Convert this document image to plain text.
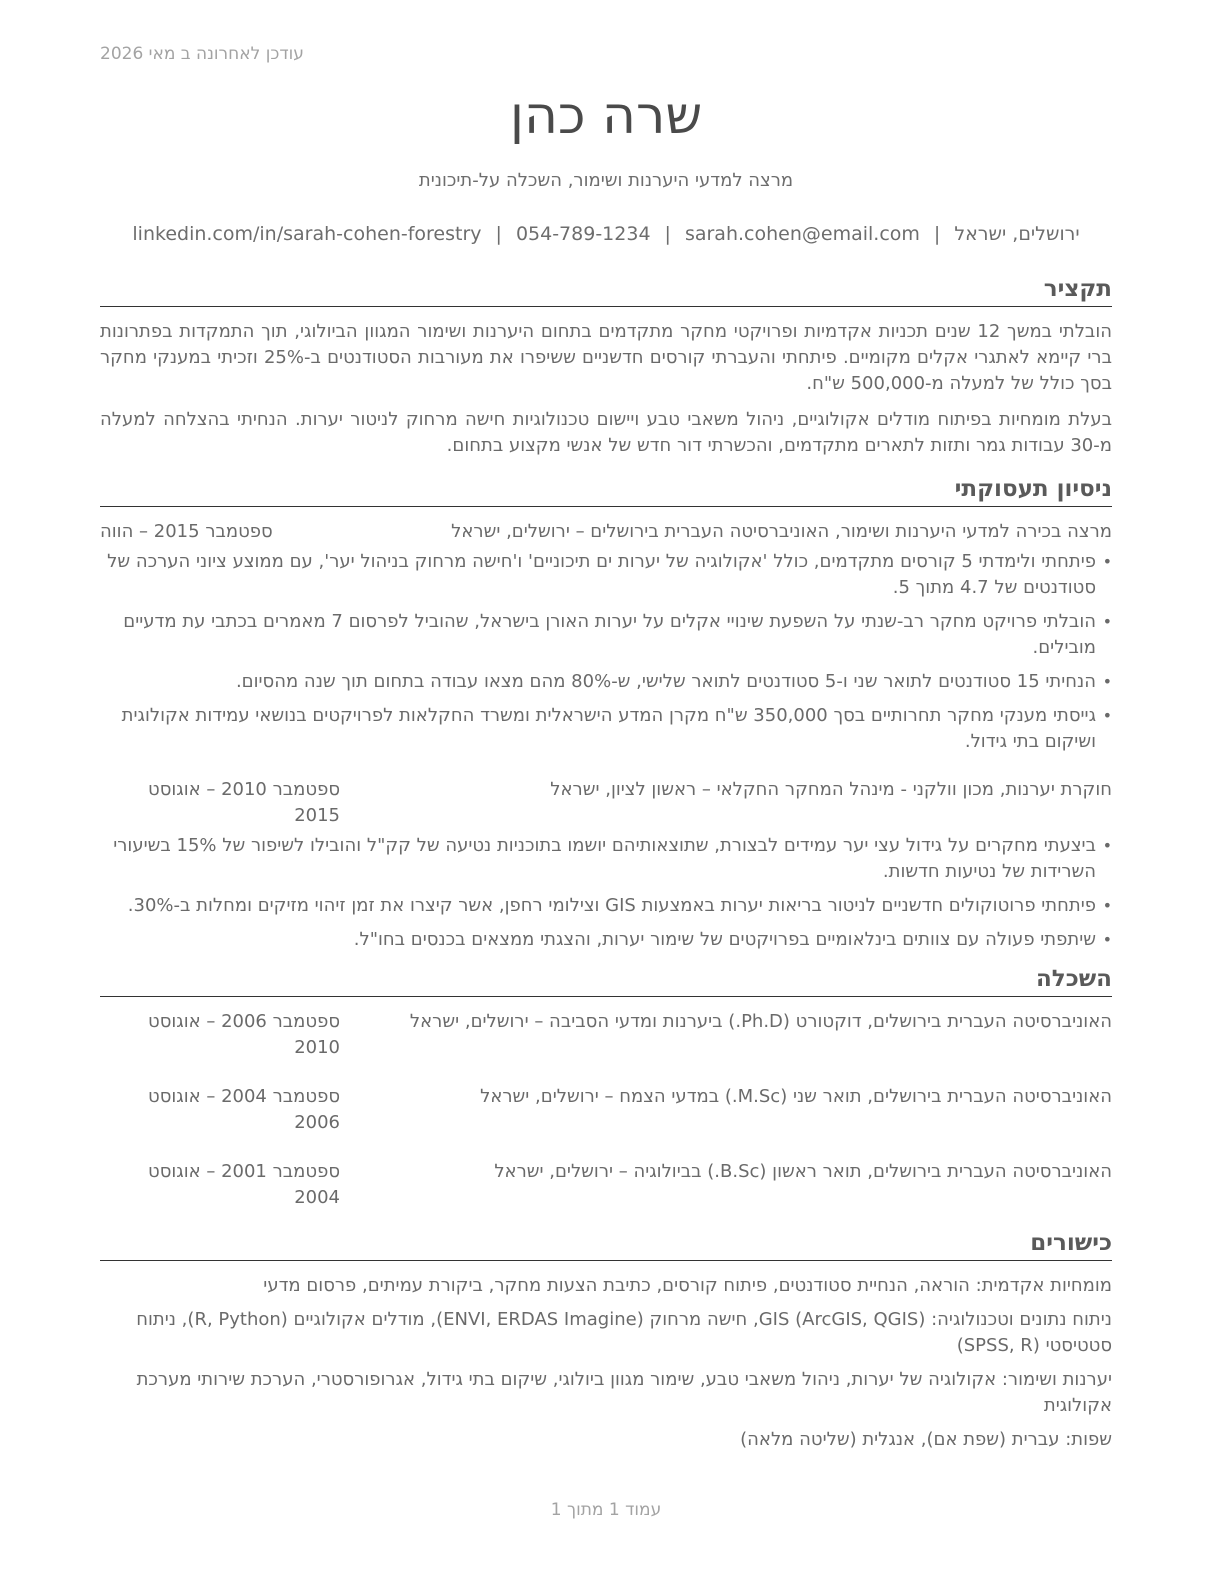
עודכן לאחרונה ב מאי 2026
שרה כהן
מרצה למדעי היערנות ושימור, השכלה על-תיכונית
ירושלים, ישראל|sarah.cohen@email.com|054-789-1234|linkedin.com/in/sarah-cohen-forestry
תקציר

הובלתי במשך 12 שנים תכניות אקדמיות ופרויקטי מחקר מתקדמים בתחום היערנות ושימור המגוון הביולוגי, תוך התמקדות בפתרונות ברי קיימא לאתגרי אקלים מקומיים. פיתחתי והעברתי קורסים חדשניים ששיפרו את מעורבות הסטודנטים ב-25% וזכיתי במענקי מחקר בסך כולל של למעלה מ-500,000 ש"ח.

בעלת מומחיות בפיתוח מודלים אקולוגיים, ניהול משאבי טבע ויישום טכנולוגיות חישה מרחוק לניטור יערות. הנחיתי בהצלחה למעלה מ-30 עבודות גמר ותזות לתארים מתקדמים, והכשרתי דור חדש של אנשי מקצוע בתחום.

ניסיון תעסוקתי
מרצה בכירה למדעי היערנות ושימור, האוניברסיטה העברית בירושלים – ירושלים, ישראל
ספטמבר 2015 – הווה
• פיתחתי ולימדתי 5 קורסים מתקדמים, כולל 'אקולוגיה של יערות ים תיכוניים' ו'חישה מרחוק בניהול יער', עם ממוצע ציוני הערכה של סטודנטים של 4.7 מתוך 5.
• הובלתי פרויקט מחקר רב-שנתי על השפעת שינויי אקלים על יערות האורן בישראל, שהוביל לפרסום 7 מאמרים בכתבי עת מדעיים מובילים.
• הנחיתי 15 סטודנטים לתואר שני ו-5 סטודנטים לתואר שלישי, ש-80% מהם מצאו עבודה בתחום תוך שנה מהסיום.
• גייסתי מענקי מחקר תחרותיים בסך 350,000 ש"ח מקרן המדע הישראלית ומשרד החקלאות לפרויקטים בנושאי עמידות אקולוגית ושיקום בתי גידול.
חוקרת יערנות, מכון וולקני - מינהל המחקר החקלאי – ראשון לציון, ישראל
ספטמבר 2010 – אוגוסט 2015
• ביצעתי מחקרים על גידול עצי יער עמידים לבצורת, שתוצאותיהם יושמו בתוכניות נטיעה של קק"ל והובילו לשיפור של 15% בשיעורי השרידות של נטיעות חדשות.
• פיתחתי פרוטוקולים חדשניים לניטור בריאות יערות באמצעות GIS וצילומי רחפן, אשר קיצרו את זמן זיהוי מזיקים ומחלות ב-30%.
• שיתפתי פעולה עם צוותים בינלאומיים בפרויקטים של שימור יערות, והצגתי ממצאים בכנסים בחו"ל.
השכלה
האוניברסיטה העברית בירושלים, דוקטורט (Ph.D.) ביערנות ומדעי הסביבה – ירושלים, ישראל
ספטמבר 2006 – אוגוסט 2010
האוניברסיטה העברית בירושלים, תואר שני (M.Sc.) במדעי הצמח – ירושלים, ישראל
ספטמבר 2004 – אוגוסט 2006
האוניברסיטה העברית בירושלים, תואר ראשון (B.Sc.) בביולוגיה – ירושלים, ישראל
ספטמבר 2001 – אוגוסט 2004
כישורים

מומחיות אקדמית: הוראה, הנחיית סטודנטים, פיתוח קורסים, כתיבת הצעות מחקר, ביקורת עמיתים, פרסום מדעי

ניתוח נתונים וטכנולוגיה: GIS (ArcGIS, QGIS), חישה מרחוק (ENVI, ERDAS Imagine), מודלים אקולוגיים (R, Python), ניתוח סטטיסטי (SPSS, R)

יערנות ושימור: אקולוגיה של יערות, ניהול משאבי טבע, שימור מגוון ביולוגי, שיקום בתי גידול, אגרופורסטרי, הערכת שירותי מערכת אקולוגית

שפות: עברית (שפת אם), אנגלית (שליטה מלאה)

עמוד 1 מתוך 1
